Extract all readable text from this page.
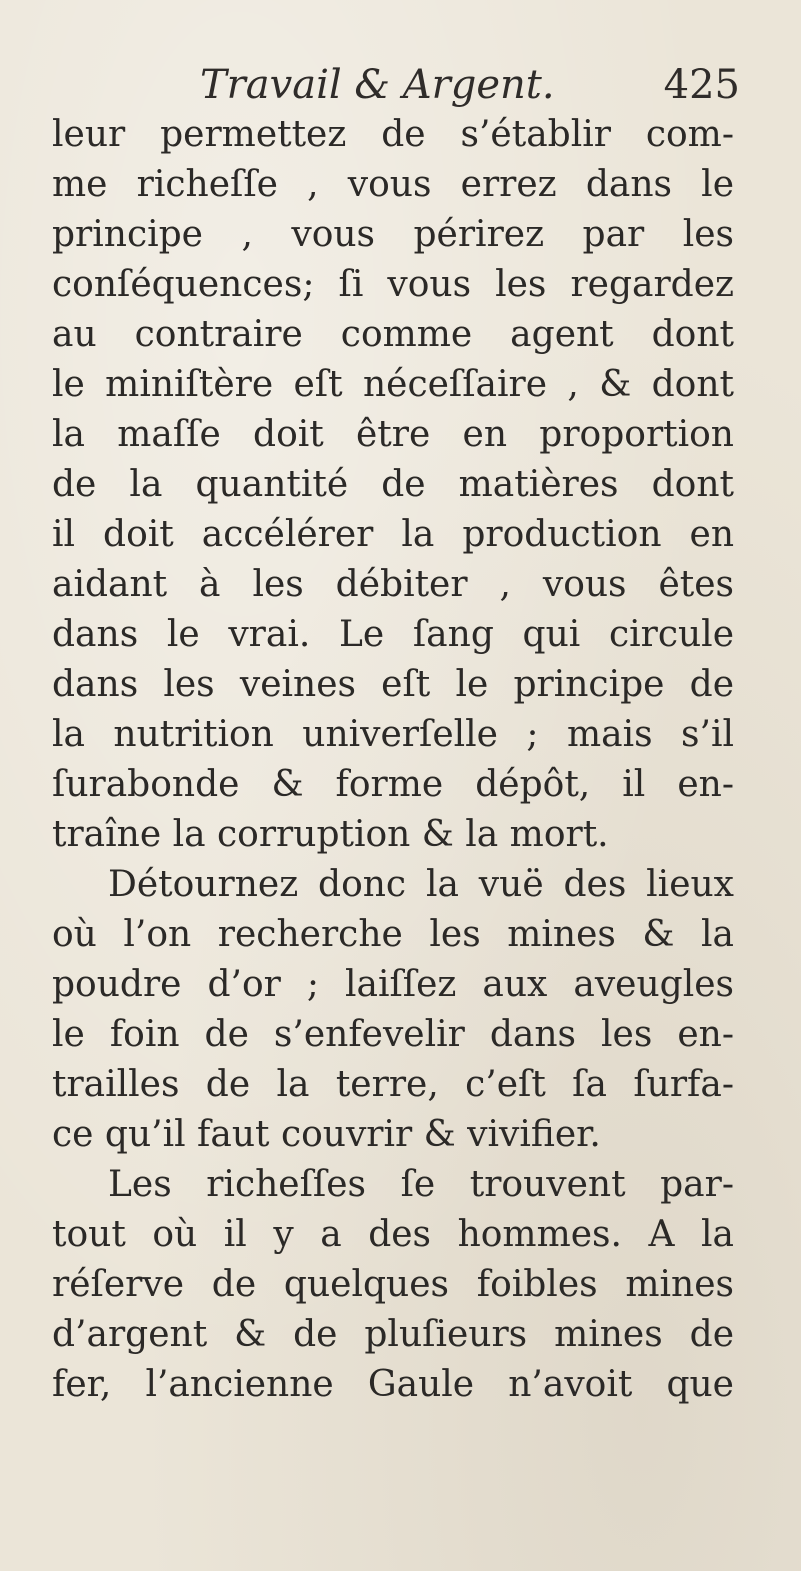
Travail & Argent.	425
leur permettez de s’établir com-
me richeſſe , vous errez dans le
principe , vous périrez par les
conſéquences; ſi vous les regardez
au contraire comme agent dont
le miniſtère eſt néceſſaire , & dont
la maſſe doit être en proportion
de la quantité de matières dont
il doit accélérer la production en
aidant à les débiter , vous êtes
dans le vrai. Le ſang qui circule
dans les veines eſt le principe de
la nutrition univerſelle ; mais s’il
ſurabonde & forme dépôt, il en-
traîne la corruption & la mort.
Détournez donc la vuë des lieux
où l’on recherche les mines & la
poudre d’or ; laiſſez aux aveugles
le foin de s’enfevelir dans les en-
trailles de la terre, c’eſt ſa ſurfa-
ce qu’il faut couvrir & vivifier.
Les richeſſes ſe trouvent par-
tout où il y a des hommes. A la
réſerve de quelques foibles mines
d’argent & de pluſieurs mines de
fer, l’ancienne Gaule n’avoit que
